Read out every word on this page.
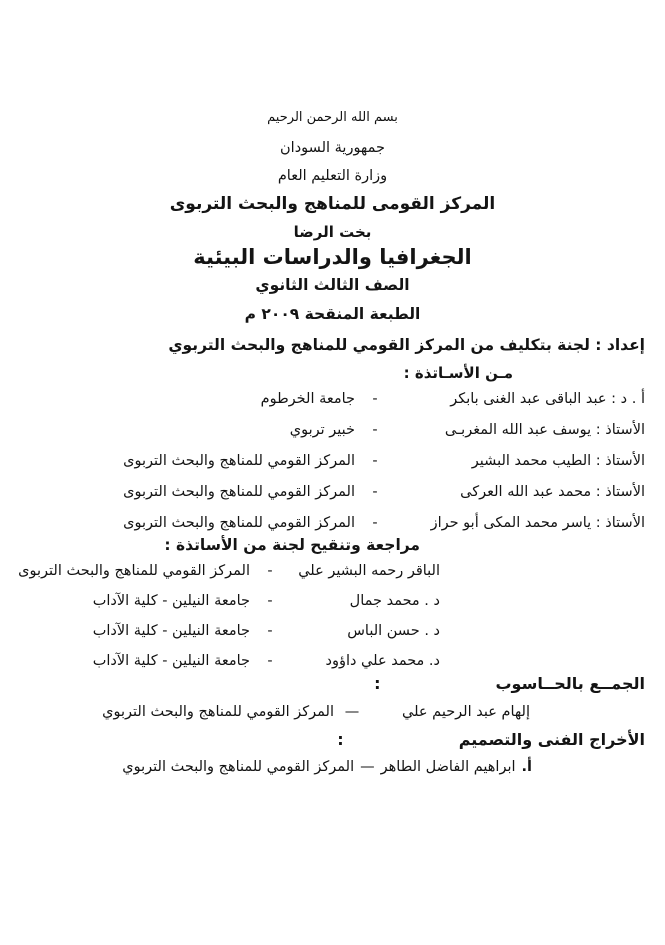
بسم الله الرحمن الرحيم
جمهورية السودان
وزارة التعليم العام
المركز القومى للمناهج والبحث التربوى
بخت الرضا
الجغرافيا والدراسات البيئية
الصف الثالث الثانوي
الطبعة المنقحة ٢٠٠٩ م
إعداد : لجنة بتكليف من المركز القومي للمناهج والبحث التربوي
مـن الأسـاتذة :
أ . د : عبد الباقى عبد الغنى بابكر
-
جامعة الخرطوم
الأستاذ : يوسف عبد الله المغربـى
-
خبير تربوي
الأستاذ : الطيب محمد البشير
-
المركز القومي للمناهج والبحث التربوى
الأستاذ : محمد عبد الله العركى
-
المركز القومي للمناهج والبحث التربوى
الأستاذ : ياسر محمد المكى أبو حراز
-
المركز القومي للمناهج والبحث التربوى
مراجعة وتنقيح لجنة من الأساتذة :
الباقر رحمه البشير علي
-
المركز القومي للمناهج والبحث التربوى
د . محمد جمال
-
جامعة النيلين - كلية الآداب
د . حسن الباس
-
جامعة النيلين - كلية الآداب
د. محمد علي داؤود
-
جامعة النيلين - كلية الآداب
الجمــع بالحــاسوب:
إلهام عبد الرحيم علي
—
المركز القومي للمناهج والبحث التربوي
الأخراج الفنى والتصميم:
أ.ابراهيم الفاضل الطاهر—المركز القومي للمناهج والبحث التربوي
